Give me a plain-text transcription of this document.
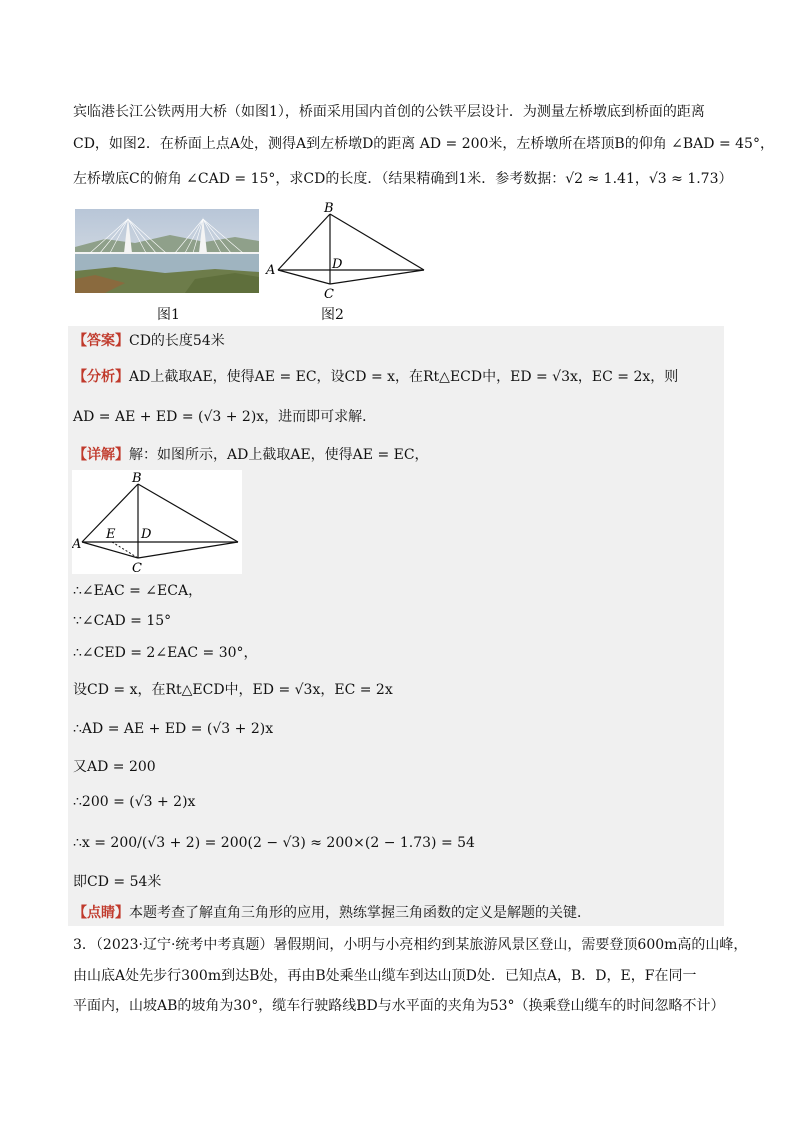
宾临港长江公铁两用大桥（如图1），桥面采用国内首创的公铁平层设计．为测量左桥墩底到桥面的距离
CD，如图2．在桥面上点A处，测得A到左桥墩D的距离 AD = 200米，左桥墩所在塔顶B的仰角 ∠BAD = 45°，
左桥墩底C的俯角 ∠CAD = 15°，求CD的长度．（结果精确到1米．参考数据：√2 ≈ 1.41，√3 ≈ 1.73）
图1
B
A	D
C
图2
【答案】CD的长度54米
【分析】AD上截取AE，使得AE = EC，设CD = x，在Rt△ECD中，ED = √3x，EC = 2x，则
AD = AE + ED = (√3 + 2)x，进而即可求解．
【详解】解：如图所示，AD上截取AE，使得AE = EC，
B
A
E D
C
∴∠EAC = ∠ECA，
∵∠CAD = 15°
∴∠CED = 2∠EAC = 30°，
设CD = x，在Rt△ECD中，ED = √3x，EC = 2x
∴AD = AE + ED = (√3 + 2)x
又AD = 200
∴200 = (√3 + 2)x
∴x = 200/(√3 + 2) = 200(2 − √3) ≈ 200×(2 − 1.73) = 54
即CD = 54米
【点睛】本题考查了解直角三角形的应用，熟练掌握三角函数的定义是解题的关键．
3．（2023·辽宁·统考中考真题）暑假期间，小明与小亮相约到某旅游风景区登山，需要登顶600m高的山峰，
由山底A处先步行300m到达B处，再由B处乘坐山缆车到达山顶D处．已知点A，B．D，E，F在同一
平面内，山坡AB的坡角为30°，缆车行驶路线BD与水平面的夹角为53°（换乘登山缆车的时间忽略不计）
